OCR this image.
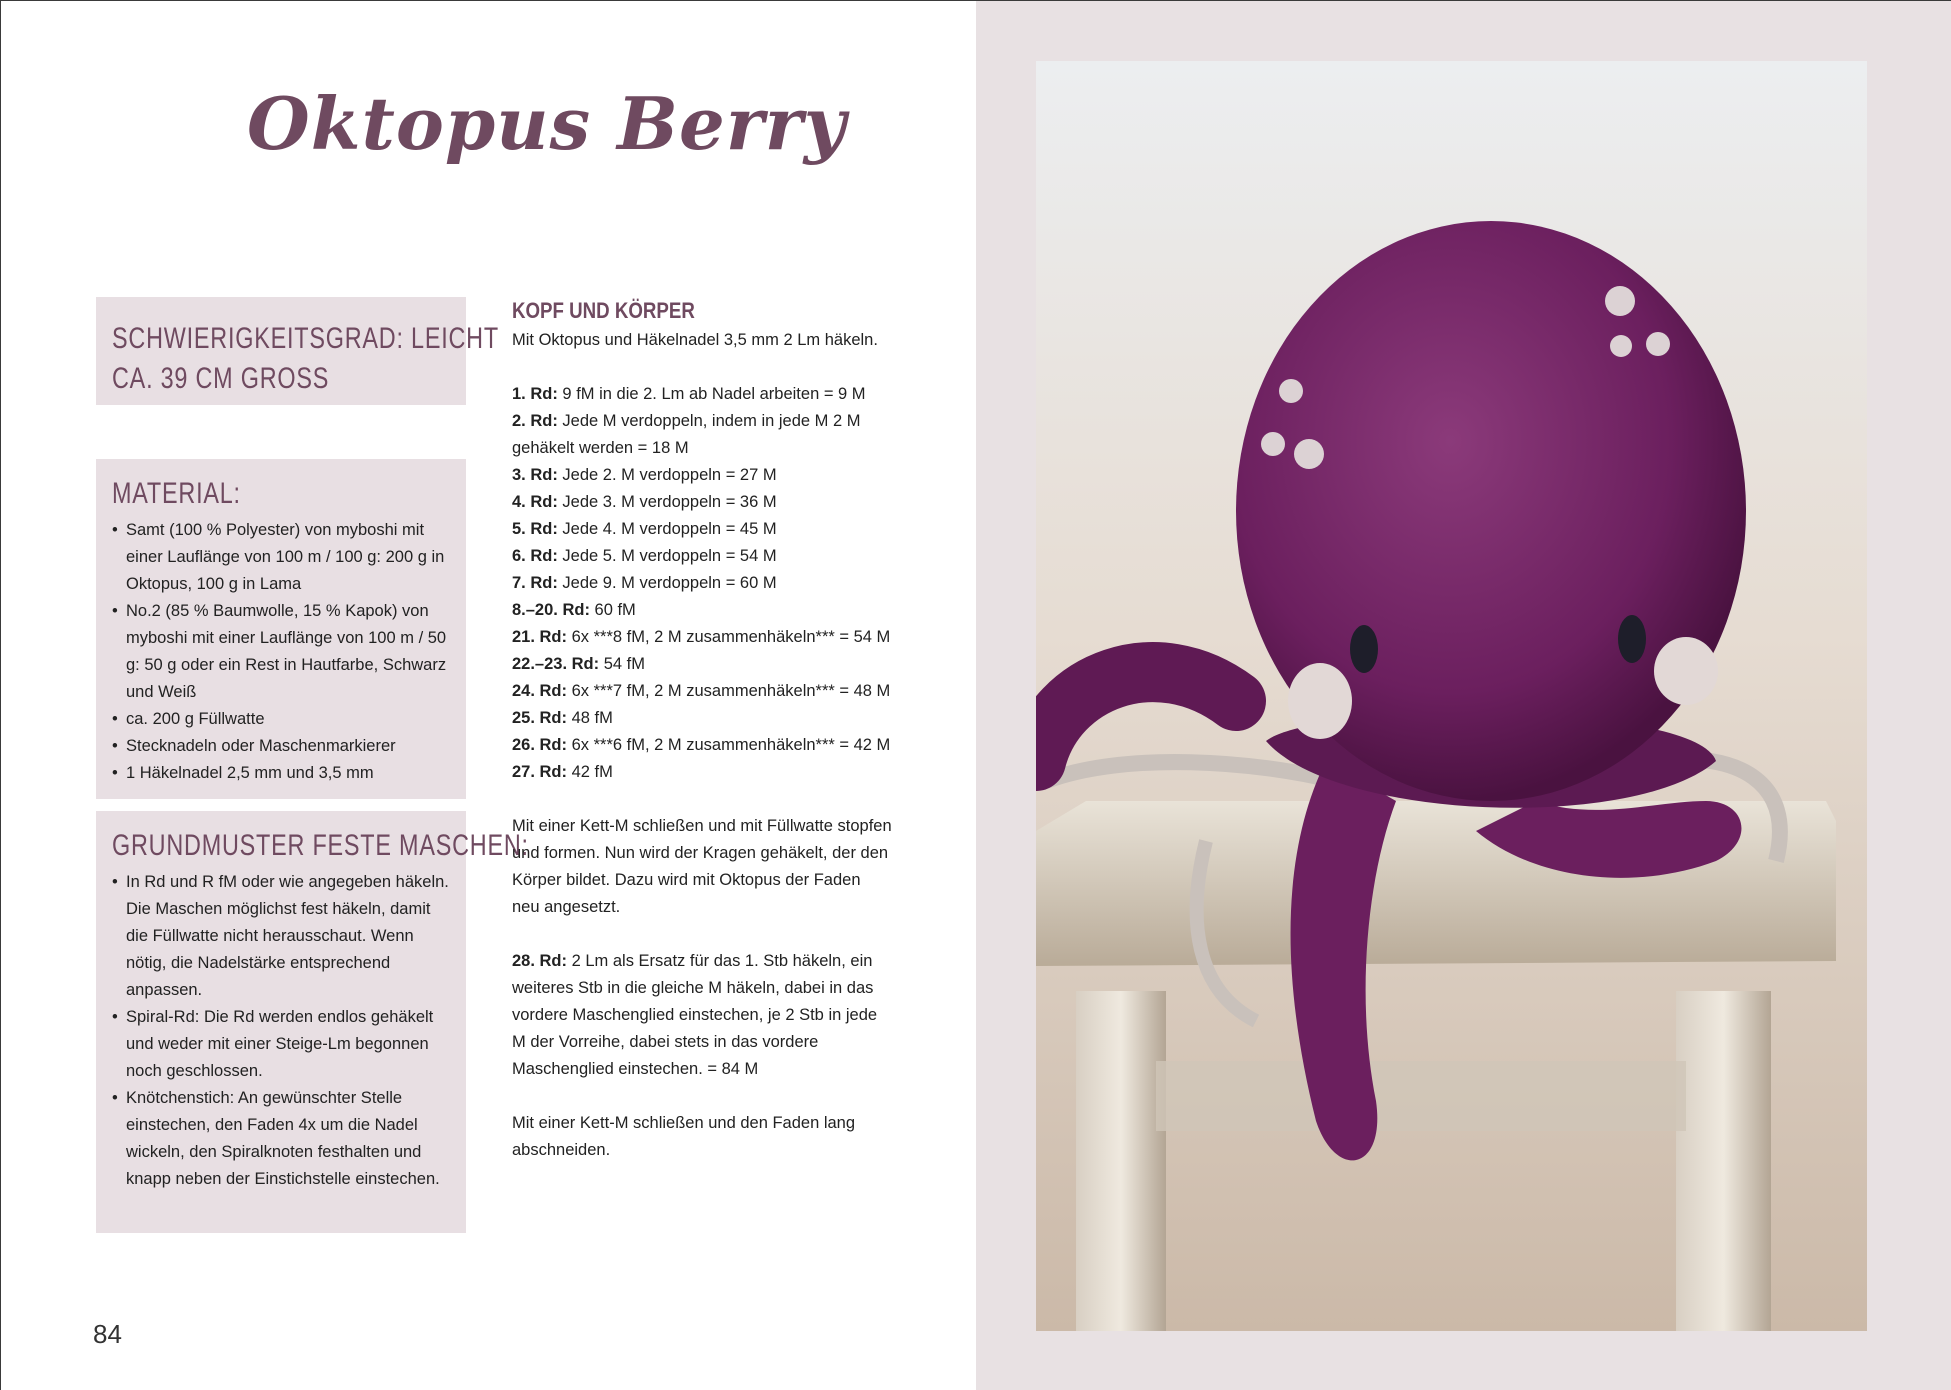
Oktopus Berry
SCHWIERIGKEITSGRAD: LEICHT
CA. 39 CM GROSS
MATERIAL:
• Samt (100 % Polyester) von myboshi mit einer Lauflänge von 100 m / 100 g: 200 g in Oktopus, 100 g in Lama
• No.2 (85 % Baumwolle, 15 % Kapok) von myboshi mit einer Lauflänge von 100 m / 50 g: 50 g oder ein Rest in Hautfarbe, Schwarz und Weiß
• ca. 200 g Füllwatte
• Stecknadeln oder Maschenmarkierer
• 1 Häkelnadel 2,5 mm und 3,5 mm
GRUNDMUSTER FESTE MASCHEN:
• In Rd und R fM oder wie angegeben häkeln. Die Maschen möglichst fest häkeln, damit die Füllwatte nicht herausschaut. Wenn nötig, die Nadelstärke entsprechend anpassen.
• Spiral-Rd: Die Rd werden endlos gehäkelt und weder mit einer Steige-Lm begonnen noch geschlossen.
• Knötchenstich: An gewünschter Stelle einstechen, den Faden 4x um die Nadel wickeln, den Spiralknoten festhalten und knapp neben der Einstichstelle einstechen.
KOPF UND KÖRPER

Mit Oktopus und Häkelnadel 3,5 mm 2 Lm häkeln.

1. Rd: 9 fM in die 2. Lm ab Nadel arbeiten = 9 M

2. Rd: Jede M verdoppeln, indem in jede M 2 M gehäkelt werden = 18 M

3. Rd: Jede 2. M verdoppeln = 27 M

4. Rd: Jede 3. M verdoppeln = 36 M

5. Rd: Jede 4. M verdoppeln = 45 M

6. Rd: Jede 5. M verdoppeln = 54 M

7. Rd: Jede 9. M verdoppeln = 60 M

8.–20. Rd: 60 fM

21. Rd: 6x ***8 fM, 2 M zusammenhäkeln*** = 54 M

22.–23. Rd: 54 fM

24. Rd: 6x ***7 fM, 2 M zusammenhäkeln*** = 48 M

25. Rd: 48 fM

26. Rd: 6x ***6 fM, 2 M zusammenhäkeln*** = 42 M

27. Rd: 42 fM

Mit einer Kett-M schließen und mit Füllwatte stopfen und formen. Nun wird der Kragen gehäkelt, der den Körper bildet. Dazu wird mit Oktopus der Faden neu angesetzt.

28. Rd: 2 Lm als Ersatz für das 1. Stb häkeln, ein weiteres Stb in die gleiche M häkeln, dabei in das vordere Maschenglied einstechen, je 2 Stb in jede M der Vorreihe, dabei stets in das vordere Maschenglied einstechen. = 84 M

Mit einer Kett-M schließen und den Faden lang abschneiden.

84
